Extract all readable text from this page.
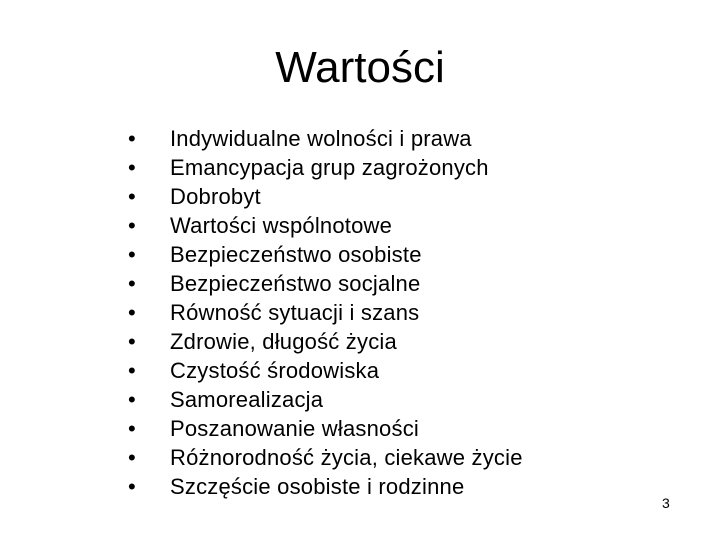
Wartości
• Indywidualne wolności i prawa
• Emancypacja grup zagrożonych
• Dobrobyt
• Wartości wspólnotowe
• Bezpieczeństwo osobiste
• Bezpieczeństwo socjalne
• Równość sytuacji i szans
• Zdrowie, długość życia
• Czystość środowiska
• Samorealizacja
• Poszanowanie własności
• Różnorodność życia, ciekawe życie
• Szczęście osobiste i rodzinne
3
